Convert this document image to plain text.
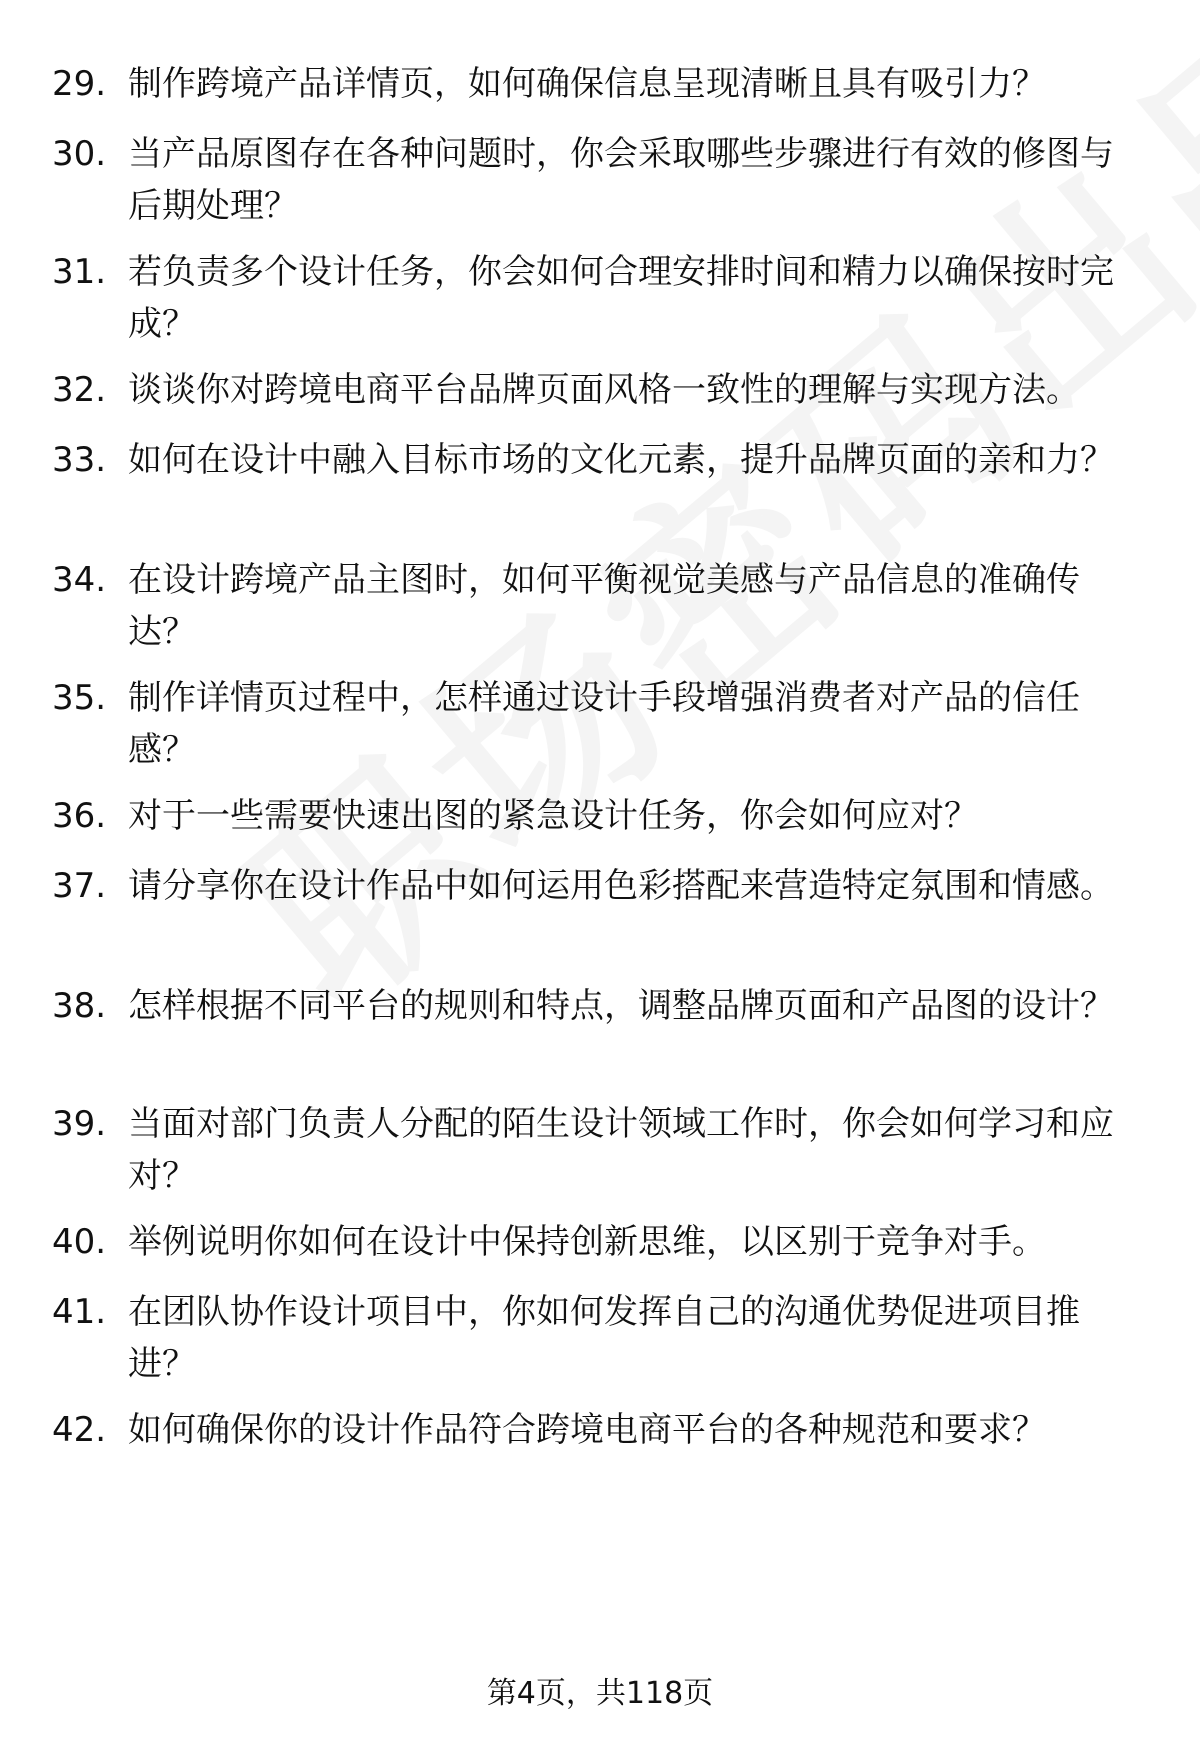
29. 制作跨境产品详情页，如何确保信息呈现清晰且具有吸引力？
30. 当产品原图存在各种问题时，你会采取哪些步骤进行有效的修图与后期处理？
31. 若负责多个设计任务，你会如何合理安排时间和精力以确保按时完成？
32. 谈谈你对跨境电商平台品牌页面风格一致性的理解与实现方法。
33. 如何在设计中融入目标市场的文化元素，提升品牌页面的亲和力？
34. 在设计跨境产品主图时，如何平衡视觉美感与产品信息的准确传达？
35. 制作详情页过程中，怎样通过设计手段增强消费者对产品的信任感？
36. 对于一些需要快速出图的紧急设计任务，你会如何应对？
37. 请分享你在设计作品中如何运用色彩搭配来营造特定氛围和情感。
38. 怎样根据不同平台的规则和特点，调整品牌页面和产品图的设计？
39. 当面对部门负责人分配的陌生设计领域工作时，你会如何学习和应对？
40. 举例说明你如何在设计中保持创新思维，以区别于竞争对手。
41. 在团队协作设计项目中，你如何发挥自己的沟通优势促进项目推进？
42. 如何确保你的设计作品符合跨境电商平台的各种规范和要求？
第4页，共118页
